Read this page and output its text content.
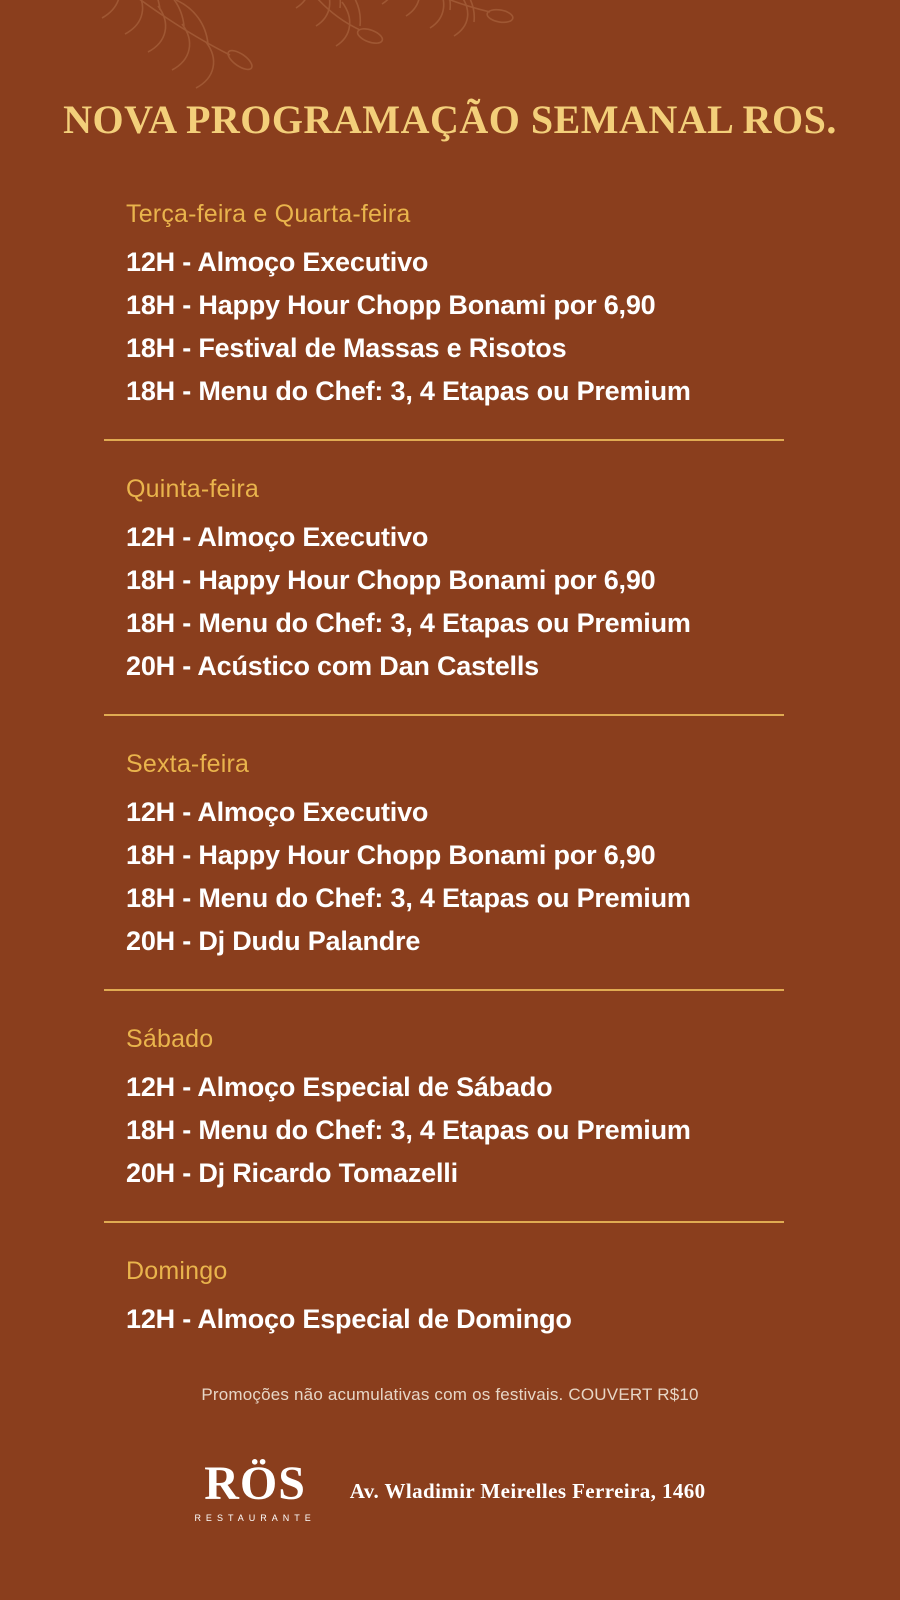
NOVA PROGRAMAÇÃO SEMANAL ROS.
Terça-feira e Quarta-feira
12H - Almoço Executivo
18H - Happy Hour Chopp Bonami por 6,90
18H - Festival de Massas e Risotos
18H - Menu do Chef: 3, 4 Etapas ou Premium
Quinta-feira
12H - Almoço Executivo
18H - Happy Hour Chopp Bonami por 6,90
18H - Menu do Chef: 3, 4 Etapas ou Premium
20H - Acústico com Dan Castells
Sexta-feira
12H - Almoço Executivo
18H - Happy Hour Chopp Bonami por 6,90
18H - Menu do Chef: 3, 4 Etapas ou Premium
20H - Dj Dudu Palandre
Sábado
12H - Almoço Especial de Sábado
18H - Menu do Chef: 3, 4 Etapas ou Premium
20H - Dj Ricardo Tomazelli
Domingo
12H - Almoço Especial de Domingo
Promoções não acumulativas com os festivais. COUVERT R$10
RÖS
RESTAURANTE
Av. Wladimir Meirelles Ferreira, 1460
